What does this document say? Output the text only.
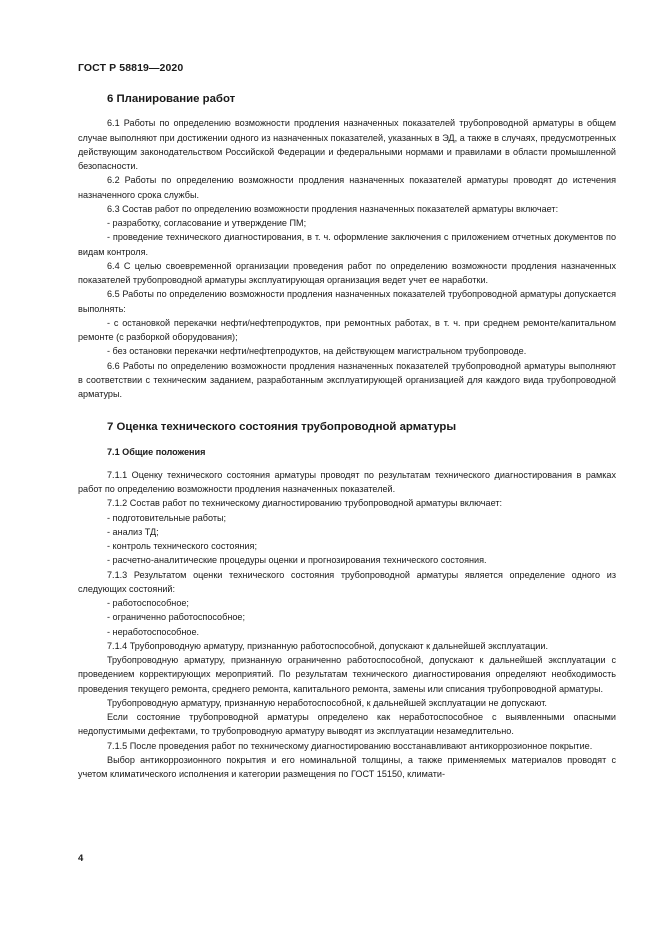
ГОСТ Р 58819—2020
6 Планирование работ

6.1 Работы по определению возможности продления назначенных показателей трубопроводной арматуры в общем случае выполняют при достижении одного из назначенных показателей, указанных в ЭД, а также в случаях, предусмотренных действующим законодательством Российской Федерации и федеральными нормами и правилами в области промышленной безопасности.

6.2 Работы по определению возможности продления назначенных показателей арматуры проводят до истечения назначенного срока службы.

6.3 Состав работ по определению возможности продления назначенных показателей арматуры включает:

- разработку, согласование и утверждение ПМ;

- проведение технического диагностирования, в т. ч. оформление заключения с приложением отчетных документов по видам контроля.

6.4 С целью своевременной организации проведения работ по определению возможности продления назначенных показателей трубопроводной арматуры эксплуатирующая организация ведет учет ее наработки.

6.5 Работы по определению возможности продления назначенных показателей трубопроводной арматуры допускается выполнять:

- с остановкой перекачки нефти/нефтепродуктов, при ремонтных работах, в т. ч. при среднем ремонте/капитальном ремонте (с разборкой оборудования);

- без остановки перекачки нефти/нефтепродуктов, на действующем магистральном трубопроводе.

6.6 Работы по определению возможности продления назначенных показателей трубопроводной арматуры выполняют в соответствии с техническим заданием, разработанным эксплуатирующей организацией для каждого вида трубопроводной арматуры.

7 Оценка технического состояния трубопроводной арматуры
7.1 Общие положения

7.1.1 Оценку технического состояния арматуры проводят по результатам технического диагностирования в рамках работ по определению возможности продления назначенных показателей.

7.1.2 Состав работ по техническому диагностированию трубопроводной арматуры включает:

- подготовительные работы;

- анализ ТД;

- контроль технического состояния;

- расчетно-аналитические процедуры оценки и прогнозирования технического состояния.

7.1.3 Результатом оценки технического состояния трубопроводной арматуры является определение одного из следующих состояний:

- работоспособное;

- ограниченно работоспособное;

- неработоспособное.

7.1.4 Трубопроводную арматуру, признанную работоспособной, допускают к дальнейшей эксплуатации.

Трубопроводную арматуру, признанную ограниченно работоспособной, допускают к дальнейшей эксплуатации с проведением корректирующих мероприятий. По результатам технического диагностирования определяют необходимость проведения текущего ремонта, среднего ремонта, капитального ремонта, замены или списания трубопроводной арматуры.

Трубопроводную арматуру, признанную неработоспособной, к дальнейшей эксплуатации не допускают.

Если состояние трубопроводной арматуры определено как неработоспособное с выявленными опасными недопустимыми дефектами, то трубопроводную арматуру выводят из эксплуатации незамедлительно.

7.1.5 После проведения работ по техническому диагностированию восстанавливают антикоррозионное покрытие.

Выбор антикоррозионного покрытия и его номинальной толщины, а также применяемых материалов проводят с учетом климатического исполнения и категории размещения по ГОСТ 15150, климати-

4
